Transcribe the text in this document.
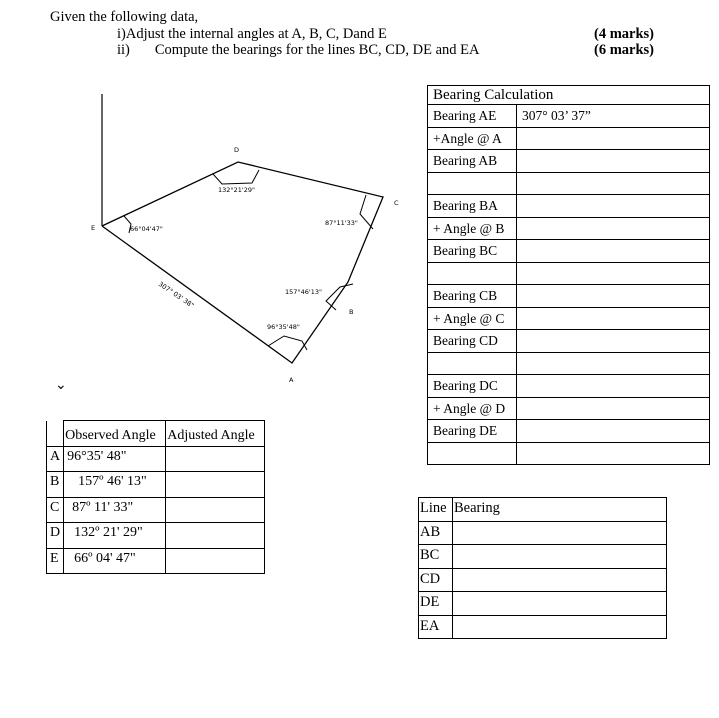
Given the following data,
i)Adjust the internal angles at A, B, C, Dand E	(4 marks)
ii) Compute the bearings for the lines BC, CD, DE and EA	(6 marks)
E
D
C
B
A
66°04'47"
132°21'29"
87°11'33"
157°46'13"
96°35'48"
307° 03' 38"
⌄
Bearing Calculation	
Bearing AE	307° 03’ 37”
+Angle @ A	
Bearing AB	

Bearing BA	
+ Angle @ B	
Bearing BC	

Bearing CB	
+ Angle @ C	
Bearing CD	

Bearing DC	
+ Angle @ D	
Bearing DE	

	Observed Angle	Adjusted Angle
A	96°35' 48"	
B	157º 46' 13"	
C	87º 11' 33"	
D	132º 21' 29"	
E	66º 04' 47"	
Line	Bearing
AB	
BC	
CD	
DE	
EA	
